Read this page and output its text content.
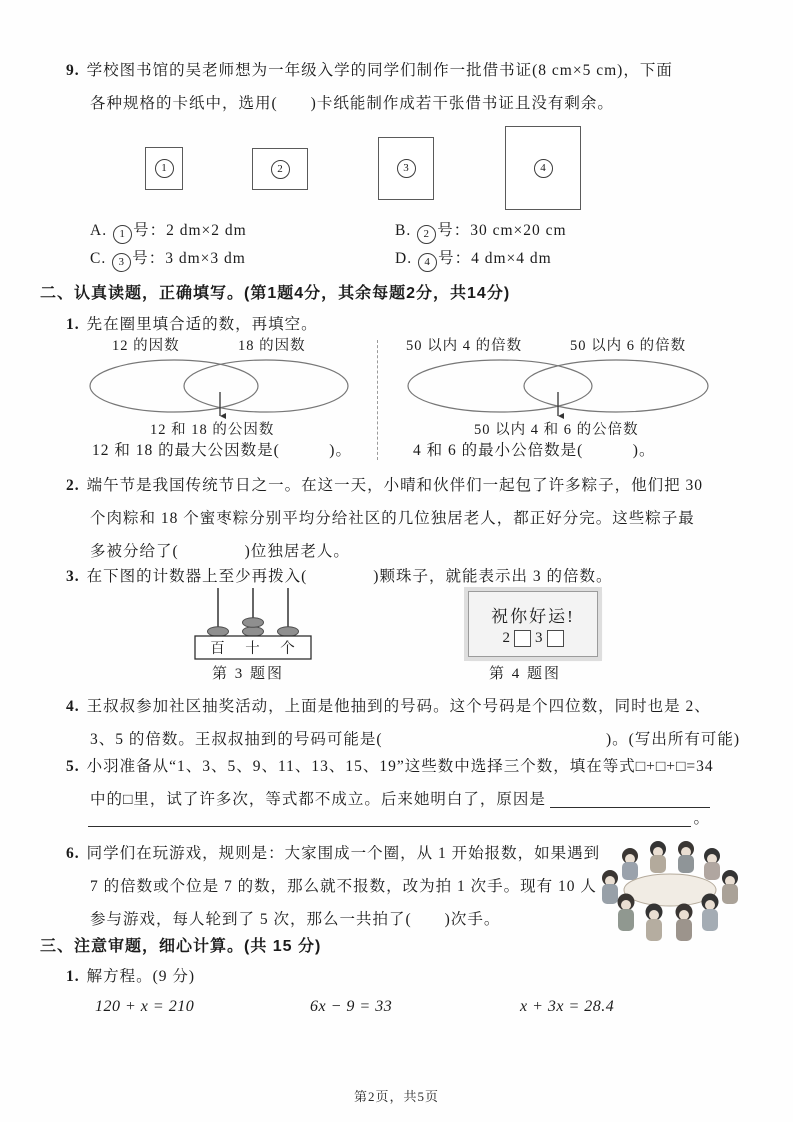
9. 学校图书馆的吴老师想为一年级入学的同学们制作一批借书证(8 cm×5 cm)，下面
各种规格的卡纸中，选用(　　)卡纸能制作成若干张借书证且没有剩余。
1	2	3	4
A. 1 号：2 dm×2 dm	B. 2 号：30 cm×20 cm
C. 3 号：3 dm×3 dm	D. 4 号：4 dm×4 dm
二、认真读题，正确填写。(第1题4分，其余每题2分，共14分)
1. 先在圈里填合适的数，再填空。
12 的因数	18 的因数
12 和 18 的公因数
12 和 18 的最大公因数是(　　　)。
50 以内 4 的倍数	50 以内 6 的倍数
50 以内 4 和 6 的公倍数
4 和 6 的最小公倍数是(　　　)。
2. 端午节是我国传统节日之一。在这一天，小晴和伙伴们一起包了许多粽子，他们把 30
个肉粽和 18 个蜜枣粽分别平均分给社区的几位独居老人，都正好分完。这些粽子最
多被分给了(　　　　)位独居老人。
3. 在下图的计数器上至少再拨入(　　　　)颗珠子，就能表示出 3 的倍数。
百 十 个
第 3 题图
祝你好运!
2 3
第 4 题图
4. 王叔叔参加社区抽奖活动，上面是他抽到的号码。这个号码是个四位数，同时也是 2、
3、5 的倍数。王叔叔抽到的号码可能是(	)。(写出所有可能)
5. 小羽准备从“1、3、5、9、11、13、15、19”这些数中选择三个数，填在等式□+□+□=34
中的□里，试了许多次，等式都不成立。后来她明白了，原因是
。
6. 同学们在玩游戏，规则是：大家围成一个圈，从 1 开始报数，如果遇到
7 的倍数或个位是 7 的数，那么就不报数，改为拍 1 次手。现有 10 人
参与游戏，每人轮到了 5 次，那么一共拍了(　　)次手。
三、注意审题，细心计算。(共 15 分)
1. 解方程。(9 分)
120 + x = 210	6x − 9 = 33	x + 3x = 28.4
第2页，共5页
